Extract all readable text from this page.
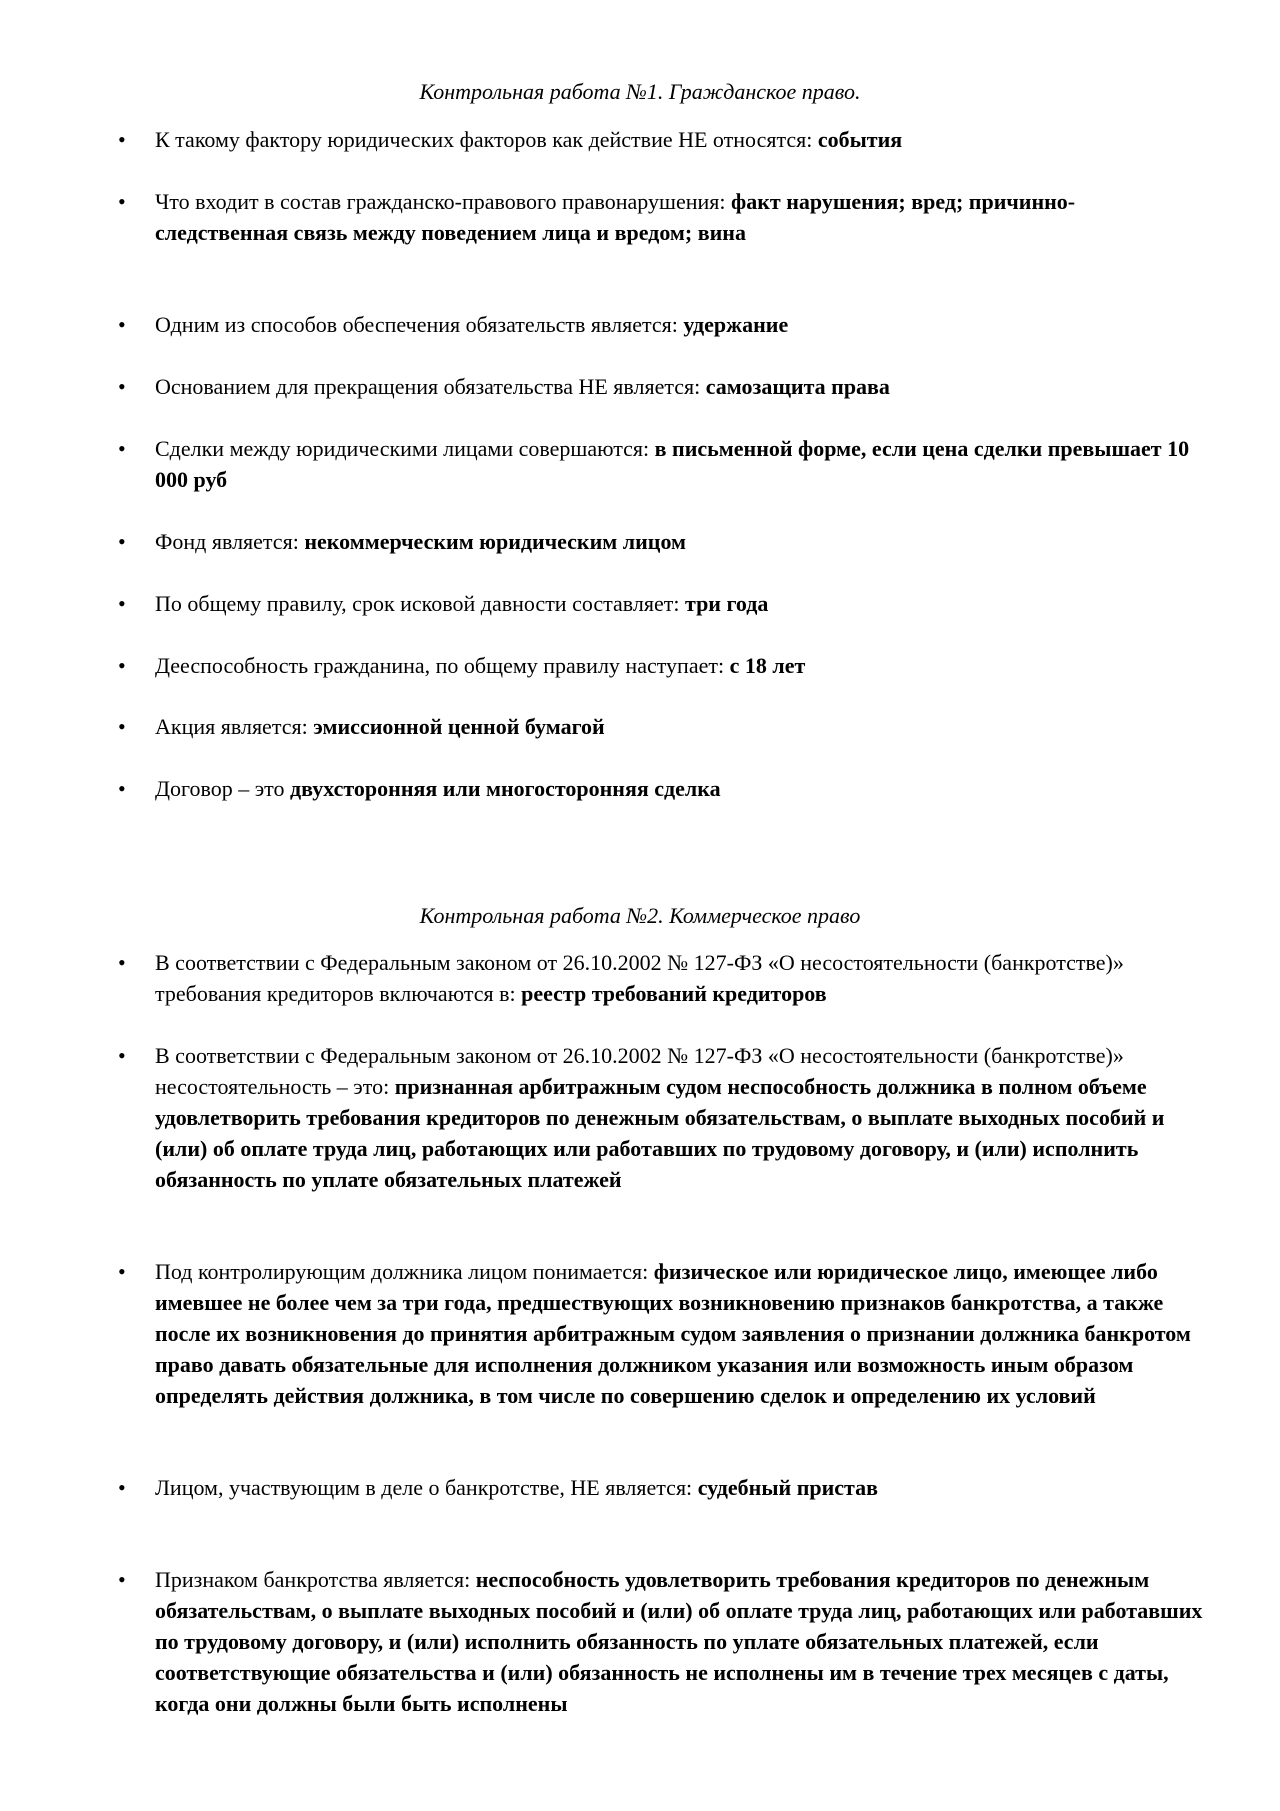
Контрольная работа №1. Гражданское право.
• К такому фактору юридических факторов как действие НЕ относятся: события
• Что входит в состав гражданско-правового правонарушения: факт нарушения; вред; причинно-следственная связь между поведением лица и вредом; вина
• Одним из способов обеспечения обязательств является: удержание
• Основанием для прекращения обязательства НЕ является: самозащита права
• Сделки между юридическими лицами совершаются: в письменной форме, если цена сделки превышает 10 000 руб
• Фонд является: некоммерческим юридическим лицом
• По общему правилу, срок исковой давности составляет: три года
• Дееспособность гражданина, по общему правилу наступает: с 18 лет
• Акция является: эмиссионной ценной бумагой
• Договор – это двухсторонняя или многосторонняя сделка
Контрольная работа №2. Коммерческое право
• В соответствии с Федеральным законом от 26.10.2002 № 127-ФЗ «О несостоятельности (банкротстве)» требования кредиторов включаются в: реестр требований кредиторов
• В соответствии с Федеральным законом от 26.10.2002 № 127-ФЗ «О несостоятельности (банкротстве)» несостоятельность – это: признанная арбитражным судом неспособность должника в полном объеме удовлетворить требования кредиторов по денежным обязательствам, о выплате выходных пособий и (или) об оплате труда лиц, работающих или работавших по трудовому договору, и (или) исполнить обязанность по уплате обязательных платежей
• Под контролирующим должника лицом понимается: физическое или юридическое лицо, имеющее либо имевшее не более чем за три года, предшествующих возникновению признаков банкротства, а также после их возникновения до принятия арбитражным судом заявления о признании должника банкротом право давать обязательные для исполнения должником указания или возможность иным образом определять действия должника, в том числе по совершению сделок и определению их условий
• Лицом, участвующим в деле о банкротстве, НЕ является: судебный пристав
• Признаком банкротства является: неспособность удовлетворить требования кредиторов по денежным обязательствам, о выплате выходных пособий и (или) об оплате труда лиц, работающих или работавших по трудовому договору, и (или) исполнить обязанность по уплате обязательных платежей, если соответствующие обязательства и (или) обязанность не исполнены им в течение трех месяцев с даты, когда они должны были быть исполнены
